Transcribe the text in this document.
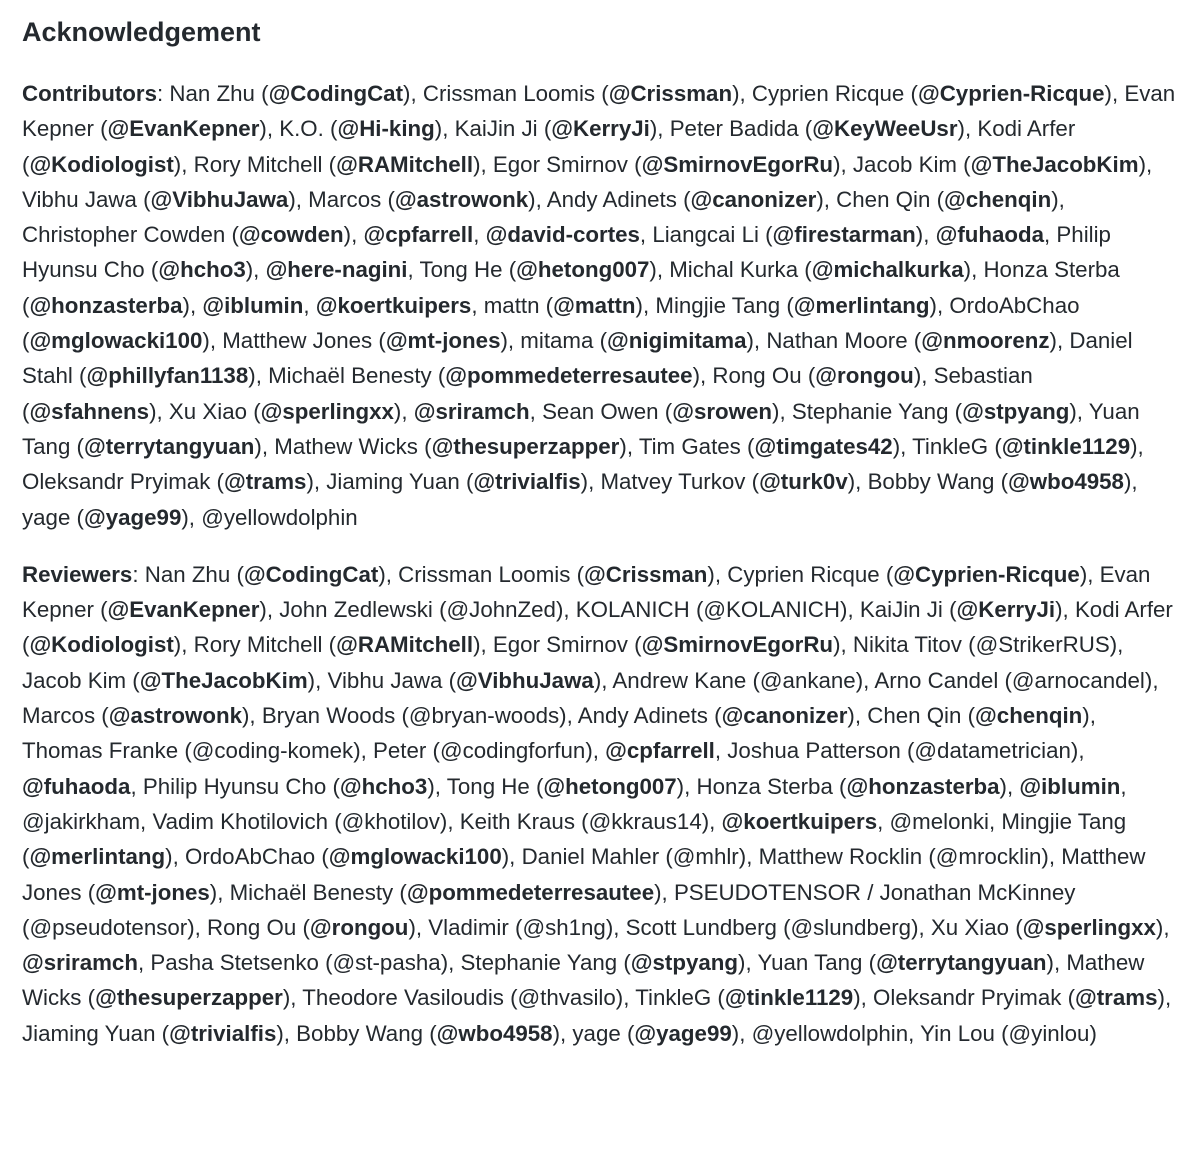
Acknowledgement

Contributors: Nan Zhu (@CodingCat), Crissman Loomis (@Crissman), Cyprien Ricque (@Cyprien-Ricque), Evan Kepner (@EvanKepner), K.O. (@Hi-king), KaiJin Ji (@KerryJi), Peter Badida (@KeyWeeUsr), Kodi Arfer (@Kodiologist), Rory Mitchell (@RAMitchell), Egor Smirnov (@SmirnovEgorRu), Jacob Kim (@TheJacobKim), Vibhu Jawa (@VibhuJawa), Marcos (@astrowonk), Andy Adinets (@canonizer), Chen Qin (@chenqin), Christopher Cowden (@cowden), @cpfarrell, @david-cortes, Liangcai Li (@firestarman), @fuhaoda, Philip Hyunsu Cho (@hcho3), @here-nagini, Tong He (@hetong007), Michal Kurka (@michalkurka), Honza Sterba (@honzasterba), @iblumin, @koertkuipers, mattn (@mattn), Mingjie Tang (@merlintang), OrdoAbChao (@mglowacki100), Matthew Jones (@mt-jones), mitama (@nigimitama), Nathan Moore (@nmoorenz), Daniel Stahl (@phillyfan1138), Michaël Benesty (@pommedeterresautee), Rong Ou (@rongou), Sebastian (@sfahnens), Xu Xiao (@sperlingxx), @sriramch, Sean Owen (@srowen), Stephanie Yang (@stpyang), Yuan Tang (@terrytangyuan), Mathew Wicks (@thesuperzapper), Tim Gates (@timgates42), TinkleG (@tinkle1129), Oleksandr Pryimak (@trams), Jiaming Yuan (@trivialfis), Matvey Turkov (@turk0v), Bobby Wang (@wbo4958), yage (@yage99), @yellowdolphin

Reviewers: Nan Zhu (@CodingCat), Crissman Loomis (@Crissman), Cyprien Ricque (@Cyprien-Ricque), Evan Kepner (@EvanKepner), John Zedlewski (@JohnZed), KOLANICH (@KOLANICH), KaiJin Ji (@KerryJi), Kodi Arfer (@Kodiologist), Rory Mitchell (@RAMitchell), Egor Smirnov (@SmirnovEgorRu), Nikita Titov (@StrikerRUS), Jacob Kim (@TheJacobKim), Vibhu Jawa (@VibhuJawa), Andrew Kane (@ankane), Arno Candel (@arnocandel), Marcos (@astrowonk), Bryan Woods (@bryan-woods), Andy Adinets (@canonizer), Chen Qin (@chenqin), Thomas Franke (@coding-komek), Peter (@codingforfun), @cpfarrell, Joshua Patterson (@datametrician), @fuhaoda, Philip Hyunsu Cho (@hcho3), Tong He (@hetong007), Honza Sterba (@honzasterba), @iblumin, @jakirkham, Vadim Khotilovich (@khotilov), Keith Kraus (@kkraus14), @koertkuipers, @melonki, Mingjie Tang (@merlintang), OrdoAbChao (@mglowacki100), Daniel Mahler (@mhlr), Matthew Rocklin (@mrocklin), Matthew Jones (@mt-jones), Michaël Benesty (@pommedeterresautee), PSEUDOTENSOR / Jonathan McKinney (@pseudotensor), Rong Ou (@rongou), Vladimir (@sh1ng), Scott Lundberg (@slundberg), Xu Xiao (@sperlingxx), @sriramch, Pasha Stetsenko (@st-pasha), Stephanie Yang (@stpyang), Yuan Tang (@terrytangyuan), Mathew Wicks (@thesuperzapper), Theodore Vasiloudis (@thvasilo), TinkleG (@tinkle1129), Oleksandr Pryimak (@trams), Jiaming Yuan (@trivialfis), Bobby Wang (@wbo4958), yage (@yage99), @yellowdolphin, Yin Lou (@yinlou)
